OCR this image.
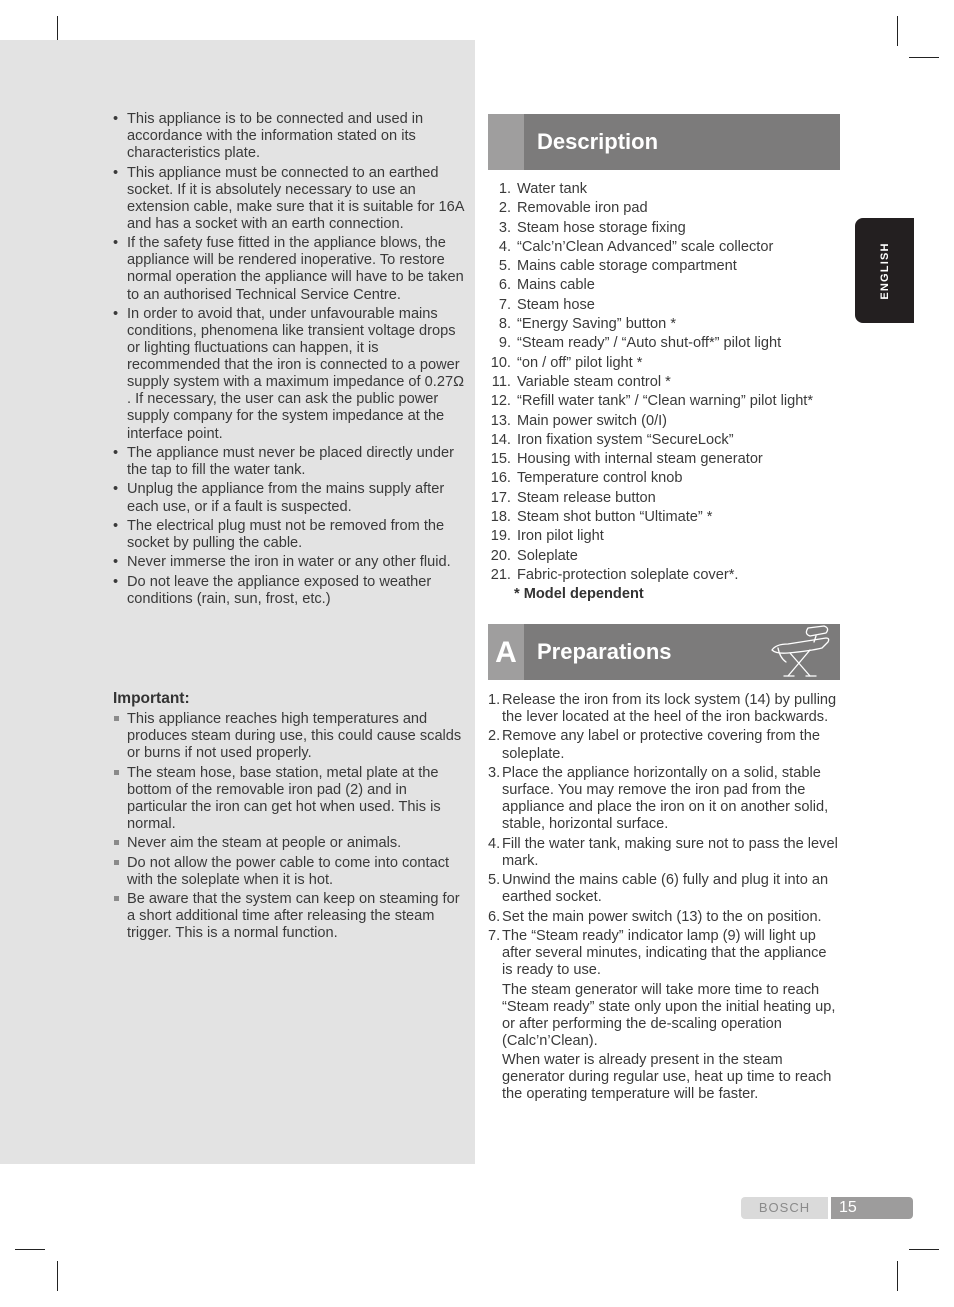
• This appliance is to be connected and used in accordance with the information stated on its characteristics plate.
• This appliance must be connected to an earthed socket. If it is absolutely necessary to use an extension cable, make sure that it is suitable for 16A and has a socket with an earth connection.
• If the safety fuse fitted in the appliance blows, the appliance will be rendered inoperative. To restore normal operation the appliance will have to be taken to an authorised Technical Service Centre.
• In order to avoid that, under unfavourable mains conditions, phenomena like transient voltage drops or lighting fluctuations can happen, it is recommended that the iron is connected to a power supply system with a maximum impedance of 0.27Ω . If necessary, the user can ask the public power supply company for the system impedance at the interface point.
• The appliance must never be placed directly under the tap to fill the water tank.
• Unplug the appliance from the mains supply after each use, or if a fault is suspected.
• The electrical plug must not be removed from the socket by pulling the cable.
• Never immerse the iron in water or any other fluid.
• Do not leave the appliance exposed to weather conditions (rain, sun, frost, etc.)
Important:
This appliance reaches high temperatures and produces steam during use, this could cause scalds or burns if not used properly.
The steam hose, base station, metal plate at the bottom of the removable iron pad (2) and in particular the iron can get hot when used. This is normal.
Never aim the steam at people or animals.
Do not allow the power cable to come into contact with the soleplate when it is hot.
Be aware that the system can keep on steaming for a short additional time after releasing the steam trigger. This is a normal function.
Description
1. Water tank
2. Removable iron pad
3. Steam hose storage fixing
4. “Calc’n’Clean Advanced” scale collector
5. Mains cable storage compartment
6. Mains cable
7. Steam hose
8. “Energy Saving” button *
9. “Steam ready” / “Auto shut-off*” pilot light
10. “on / off” pilot light *
11. Variable steam control *
12. “Refill water tank” / “Clean warning” pilot light*
13. Main power switch (0/I)
14. Iron fixation system “SecureLock”
15. Housing with internal steam generator
16. Temperature control knob
17. Steam release button
18. Steam shot button “Ultimate” *
19. Iron pilot light
20. Soleplate
21. Fabric-protection soleplate cover*.
* Model dependent
A Preparations
1. Release the iron from its lock system (14) by pulling the lever located at the heel of the iron backwards.

2. Remove any label or protective covering from the soleplate.

3. Place the appliance horizontally on a solid, stable surface. You may remove the iron pad from the appliance and place the iron on it on another solid, stable, horizontal surface.

4. Fill the water tank, making sure not to pass the level mark.

5. Unwind the mains cable (6) fully and plug it into an earthed socket.

6. Set the main power switch (13) to the on position.

7. The “Steam ready” indicator lamp (9) will light up after several minutes, indicating that the appliance is ready to use.

The steam generator will take more time to reach “Steam ready” state only upon the initial heating up, or after performing the de-scaling operation (Calc’n’Clean).

When water is already present in the steam generator during regular use, heat up time to reach the operating temperature will be faster.

ENGLISH
BOSCH	15
